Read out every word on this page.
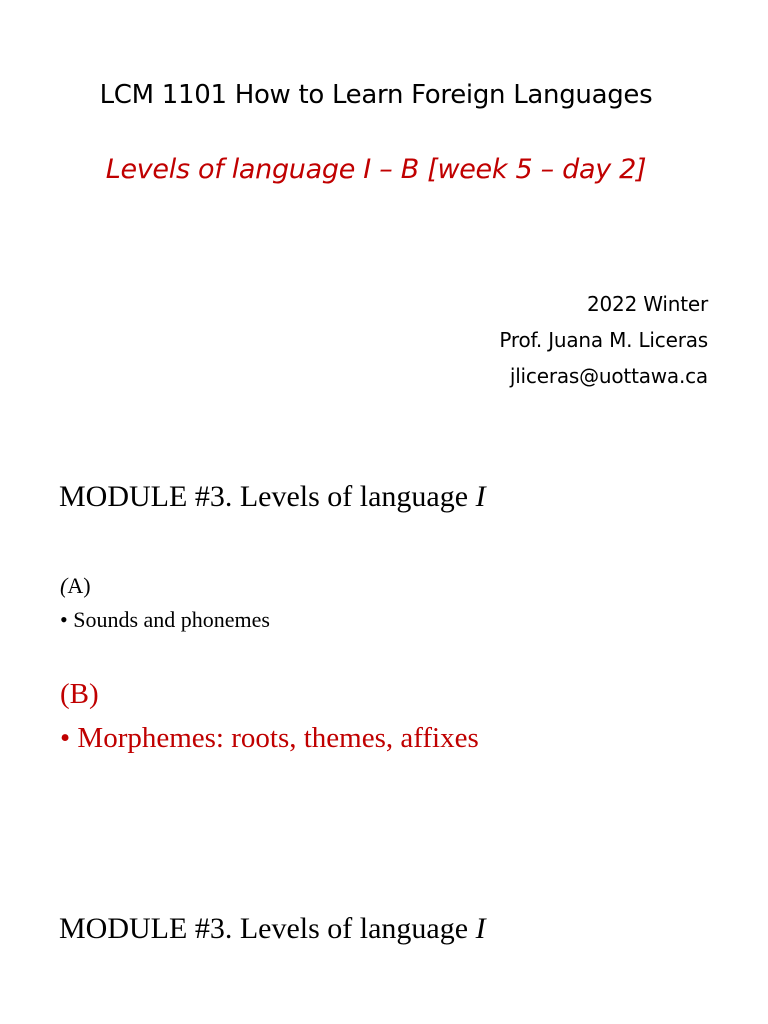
LCM 1101 How to Learn Foreign Languages
Levels of language I – B [week 5 – day 2]
2022 Winter
Prof. Juana M. Liceras
jliceras@uottawa.ca
MODULE #3. Levels of language I
(A)
• Sounds and phonemes
(B)
• Morphemes: roots, themes, affixes
MODULE #3. Levels of language I
